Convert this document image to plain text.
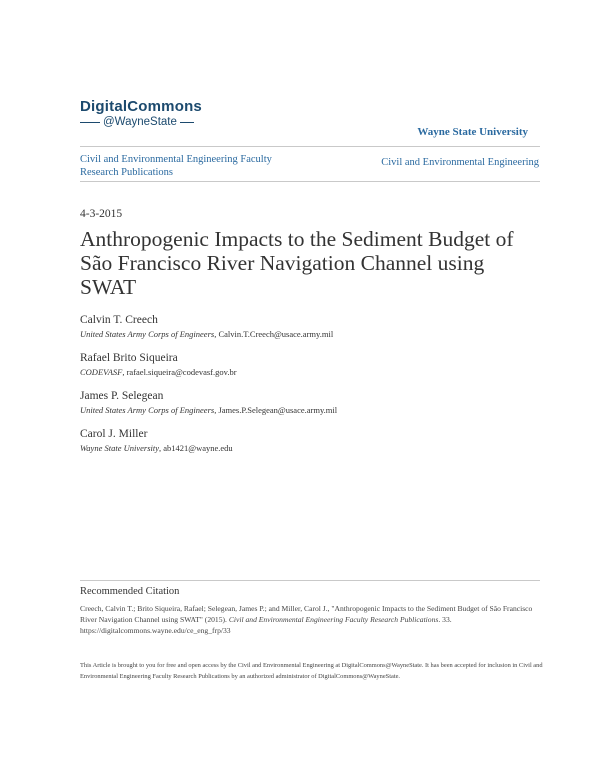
DigitalCommons
@WayneState
Wayne State University
Civil and Environmental Engineering Faculty Research Publications
Civil and Environmental Engineering
4-3-2015
Anthropogenic Impacts to the Sediment Budget of São Francisco River Navigation Channel using SWAT
Calvin T. Creech
United States Army Corps of Engineers, Calvin.T.Creech@usace.army.mil
Rafael Brito Siqueira
CODEVASF, rafael.siqueira@codevasf.gov.br
James P. Selegean
United States Army Corps of Engineers, James.P.Selegean@usace.army.mil
Carol J. Miller
Wayne State University, ab1421@wayne.edu
Recommended Citation
Creech, Calvin T.; Brito Siqueira, Rafael; Selegean, James P.; and Miller, Carol J., "Anthropogenic Impacts to the Sediment Budget of São Francisco River Navigation Channel using SWAT" (2015). Civil and Environmental Engineering Faculty Research Publications. 33.
https://digitalcommons.wayne.edu/ce_eng_frp/33
This Article is brought to you for free and open access by the Civil and Environmental Engineering at DigitalCommons@WayneState. It has been accepted for inclusion in Civil and Environmental Engineering Faculty Research Publications by an authorized administrator of DigitalCommons@WayneState.
